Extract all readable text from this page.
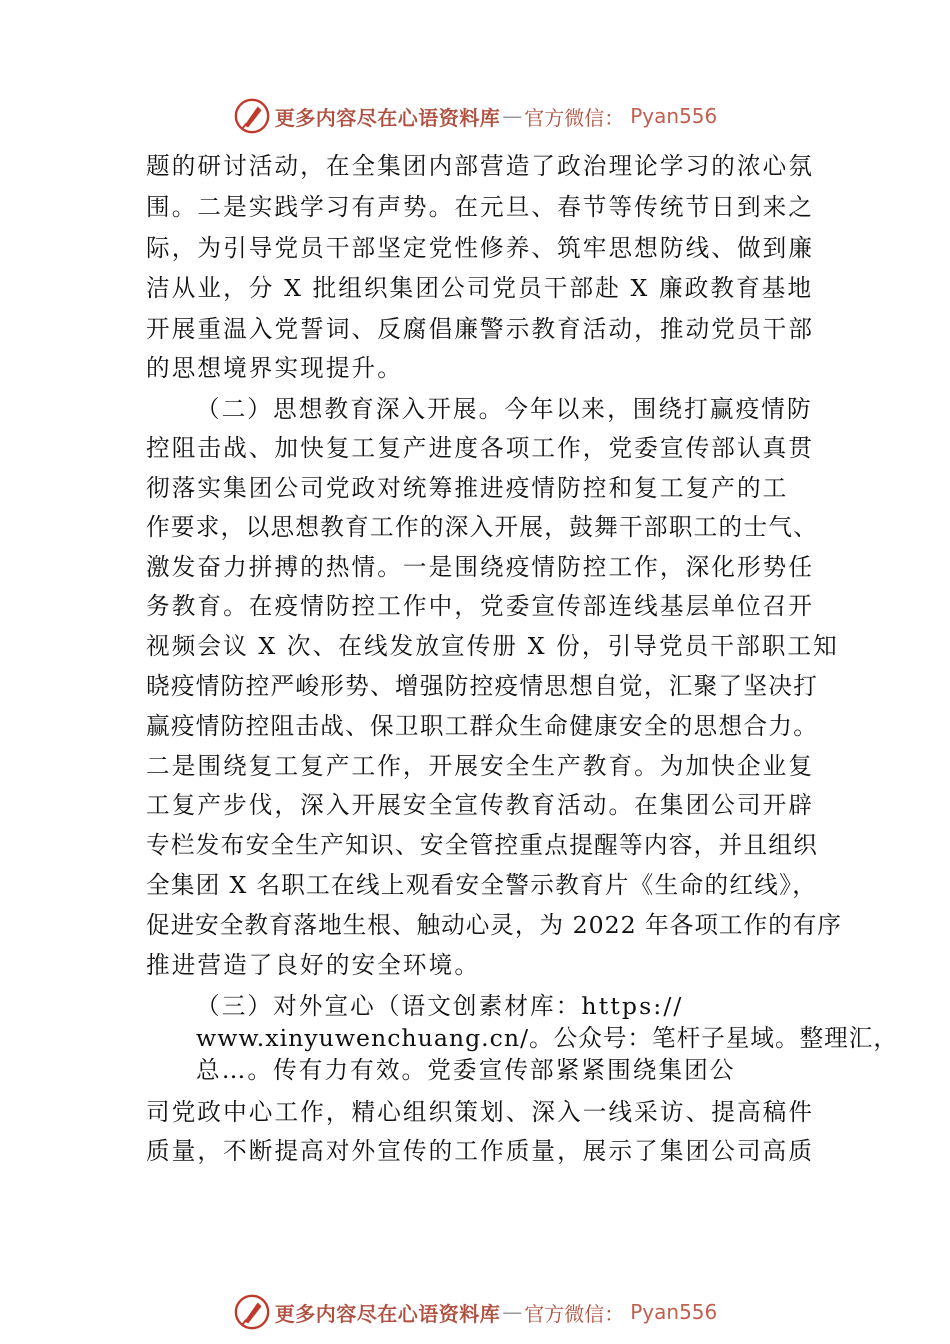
更多内容尽在心语资料库 — 官方微信： Pyan556
题的研讨活动，在全集团内部营造了政治理论学习的浓心氛
围。二是实践学习有声势。在元旦、春节等传统节日到来之
际，为引导党员干部坚定党性修养、筑牢思想防线、做到廉
洁从业，分 X 批组织集团公司党员干部赴 X 廉政教育基地
开展重温入党誓词、反腐倡廉警示教育活动，推动党员干部
的思想境界实现提升。
（二）思想教育深入开展。今年以来，围绕打赢疫情防
控阻击战、加快复工复产进度各项工作，党委宣传部认真贯
彻落实集团公司党政对统筹推进疫情防控和复工复产的工
作要求，以思想教育工作的深入开展，鼓舞干部职工的士气、
激发奋力拼搏的热情。一是围绕疫情防控工作，深化形势任
务教育。在疫情防控工作中，党委宣传部连线基层单位召开
视频会议 X 次、在线发放宣传册 X 份，引导党员干部职工知
晓疫情防控严峻形势、增强防控疫情思想自觉，汇聚了坚决打
赢疫情防控阻击战、保卫职工群众生命健康安全的思想合力。
二是围绕复工复产工作，开展安全生产教育。为加快企业复
工复产步伐，深入开展安全宣传教育活动。在集团公司开辟
专栏发布安全生产知识、安全管控重点提醒等内容，并且组织
全集团 X 名职工在线上观看安全警示教育片《生命的红线》，
促进安全教育落地生根、触动心灵，为 2022 年各项工作的有序
推进营造了良好的安全环境。
（三）对外宣心（语文创素材库：https://
www.xinyuwenchuang.cn/。公众号：笔杆子星域。整理汇，
总…。传有力有效。党委宣传部紧紧围绕集团公
司党政中心工作，精心组织策划、深入一线采访、提高稿件
质量，不断提高对外宣传的工作质量，展示了集团公司高质
更多内容尽在心语资料库 — 官方微信： Pyan556
